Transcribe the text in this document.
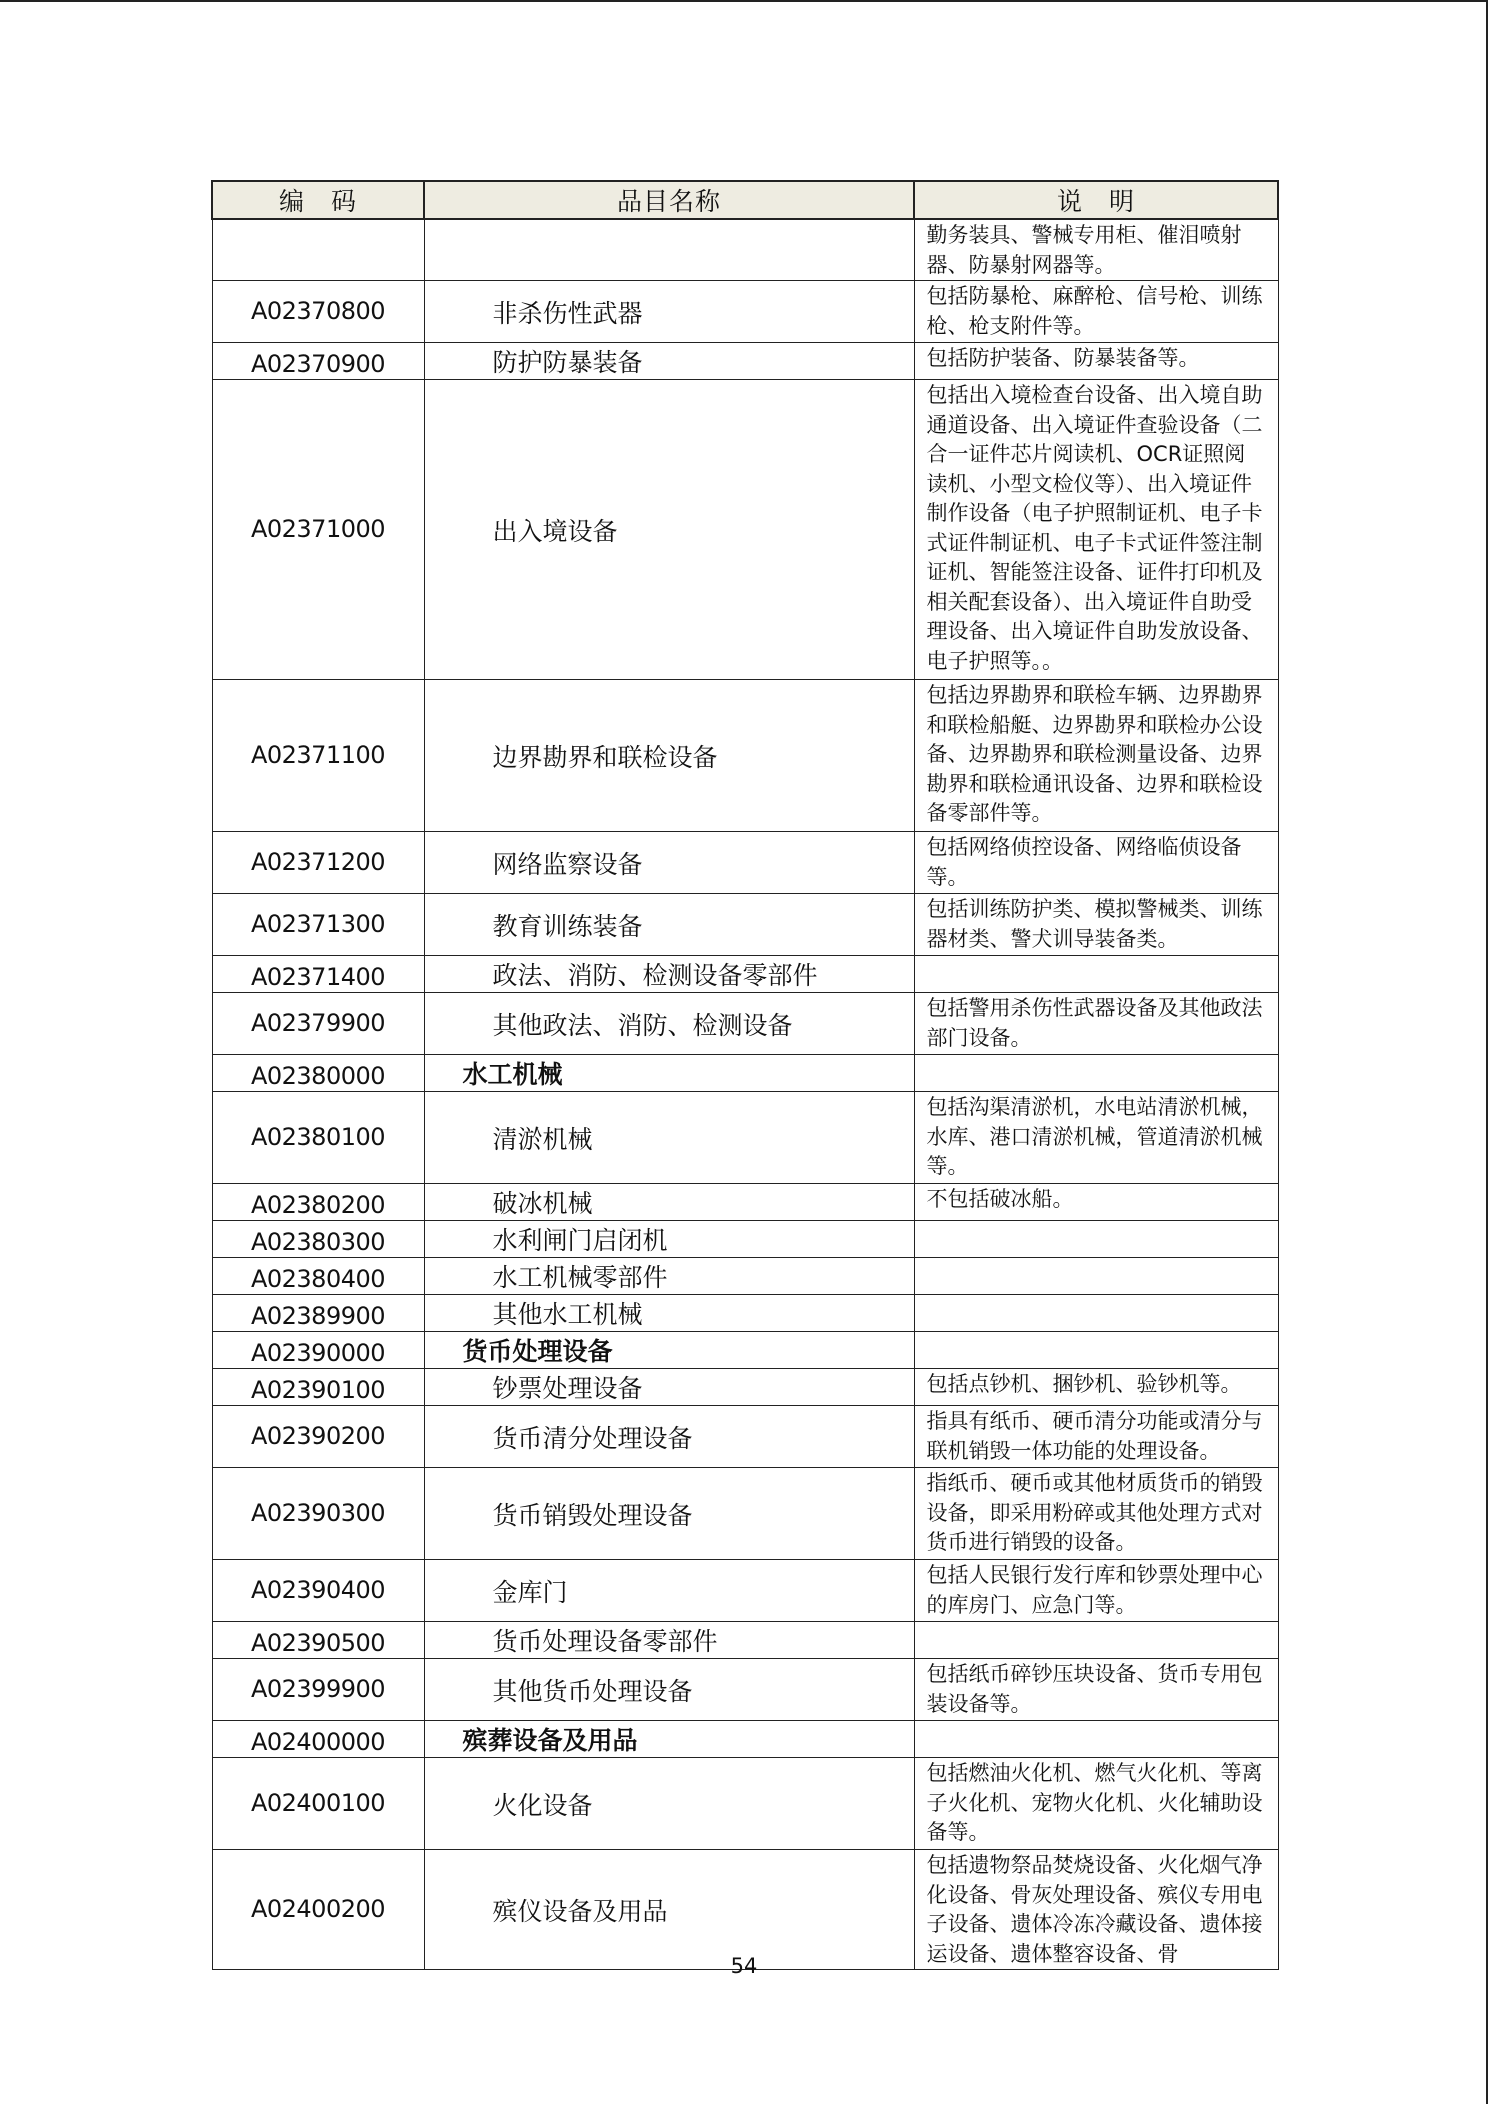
编　码	品目名称	说　明
		勤务装具、警械专用柜、催泪喷射器、防暴射网器等。
A02370800	非杀伤性武器	包括防暴枪、麻醉枪、信号枪、训练枪、枪支附件等。
A02370900	防护防暴装备	包括防护装备、防暴装备等。
A02371000	出入境设备	包括出入境检查台设备、出入境自助通道设备、出入境证件查验设备（二合一证件芯片阅读机、OCR证照阅读机、小型文检仪等）、出入境证件制作设备（电子护照制证机、电子卡式证件制证机、电子卡式证件签注制证机、智能签注设备、证件打印机及相关配套设备）、出入境证件自助受理设备、出入境证件自助发放设备、电子护照等。。
A02371100	边界勘界和联检设备	包括边界勘界和联检车辆、边界勘界和联检船艇、边界勘界和联检办公设备、边界勘界和联检测量设备、边界勘界和联检通讯设备、边界和联检设备零部件等。
A02371200	网络监察设备	包括网络侦控设备、网络临侦设备等。
A02371300	教育训练装备	包括训练防护类、模拟警械类、训练器材类、警犬训导装备类。
A02371400	政法、消防、检测设备零部件	
A02379900	其他政法、消防、检测设备	包括警用杀伤性武器设备及其他政法部门设备。
A02380000	水工机械	
A02380100	清淤机械	包括沟渠清淤机，水电站清淤机械，水库、港口清淤机械，管道清淤机械等。
A02380200	破冰机械	不包括破冰船。
A02380300	水利闸门启闭机	
A02380400	水工机械零部件	
A02389900	其他水工机械	
A02390000	货币处理设备	
A02390100	钞票处理设备	包括点钞机、捆钞机、验钞机等。
A02390200	货币清分处理设备	指具有纸币、硬币清分功能或清分与联机销毁一体功能的处理设备。
A02390300	货币销毁处理设备	指纸币、硬币或其他材质货币的销毁设备，即采用粉碎或其他处理方式对货币进行销毁的设备。
A02390400	金库门	包括人民银行发行库和钞票处理中心的库房门、应急门等。
A02390500	货币处理设备零部件	
A02399900	其他货币处理设备	包括纸币碎钞压块设备、货币专用包装设备等。
A02400000	殡葬设备及用品	
A02400100	火化设备	包括燃油火化机、燃气火化机、等离子火化机、宠物火化机、火化辅助设备等。
A02400200	殡仪设备及用品	包括遗物祭品焚烧设备、火化烟气净化设备、骨灰处理设备、殡仪专用电子设备、遗体冷冻冷藏设备、遗体接运设备、遗体整容设备、骨
54
